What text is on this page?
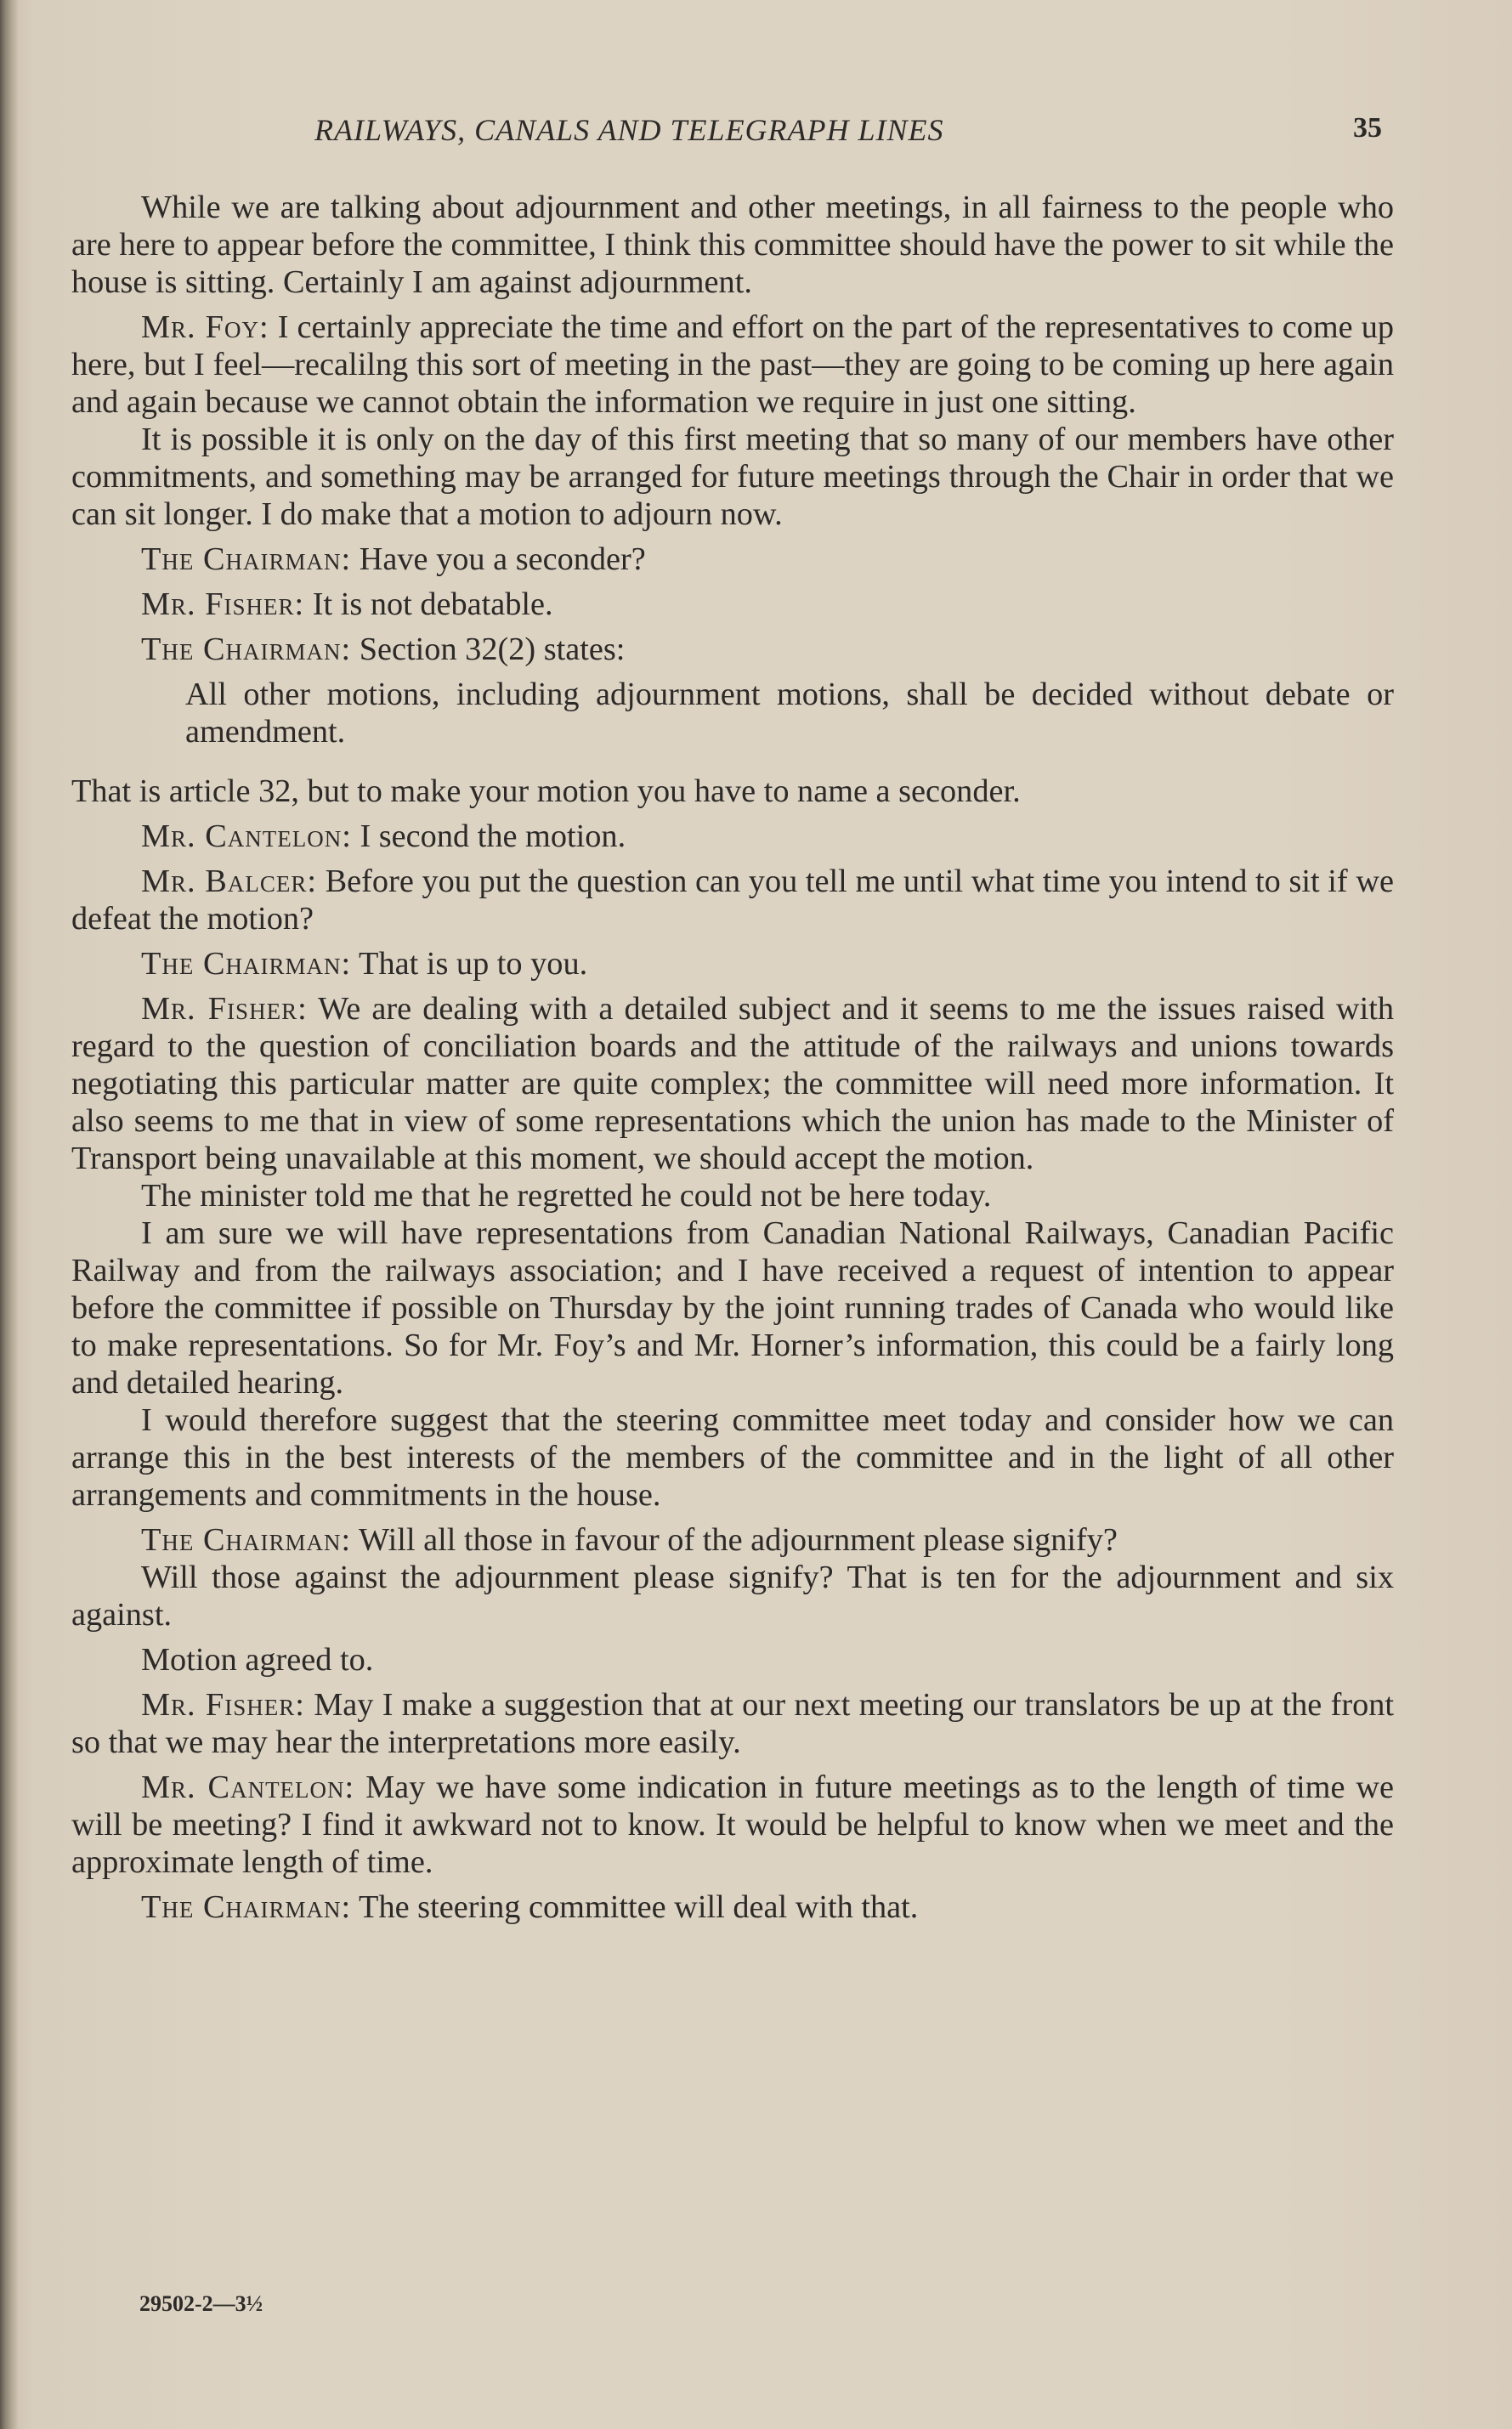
RAILWAYS, CANALS AND TELEGRAPH LINES	35

While we are talking about adjournment and other meetings, in all fairness to the people who are here to appear before the committee, I think this committee should have the power to sit while the house is sitting. Certainly I am against adjournment.

Mr. Foy: I certainly appreciate the time and effort on the part of the representatives to come up here, but I feel—recalilng this sort of meeting in the past—they are going to be coming up here again and again because we cannot obtain the information we require in just one sitting.

It is possible it is only on the day of this first meeting that so many of our members have other commitments, and something may be arranged for future meetings through the Chair in order that we can sit longer. I do make that a motion to adjourn now.

The Chairman: Have you a seconder?

Mr. Fisher: It is not debatable.

The Chairman: Section 32(2) states:

All other motions, including adjournment motions, shall be decided without debate or amendment.

That is article 32, but to make your motion you have to name a seconder.

Mr. Cantelon: I second the motion.

Mr. Balcer: Before you put the question can you tell me until what time you intend to sit if we defeat the motion?

The Chairman: That is up to you.

Mr. Fisher: We are dealing with a detailed subject and it seems to me the issues raised with regard to the question of conciliation boards and the attitude of the railways and unions towards negotiating this particular matter are quite complex; the committee will need more information. It also seems to me that in view of some representations which the union has made to the Minister of Transport being unavailable at this moment, we should accept the motion.

The minister told me that he regretted he could not be here today.

I am sure we will have representations from Canadian National Railways, Canadian Pacific Railway and from the railways association; and I have received a request of intention to appear before the committee if possible on Thursday by the joint running trades of Canada who would like to make representations. So for Mr. Foy’s and Mr. Horner’s information, this could be a fairly long and detailed hearing.

I would therefore suggest that the steering committee meet today and consider how we can arrange this in the best interests of the members of the committee and in the light of all other arrangements and commitments in the house.

The Chairman: Will all those in favour of the adjournment please signify?

Will those against the adjournment please signify? That is ten for the adjournment and six against.

Motion agreed to.

Mr. Fisher: May I make a suggestion that at our next meeting our translators be up at the front so that we may hear the interpretations more easily.

Mr. Cantelon: May we have some indication in future meetings as to the length of time we will be meeting? I find it awkward not to know. It would be helpful to know when we meet and the approximate length of time.

The Chairman: The steering committee will deal with that.

29502-2—3½
